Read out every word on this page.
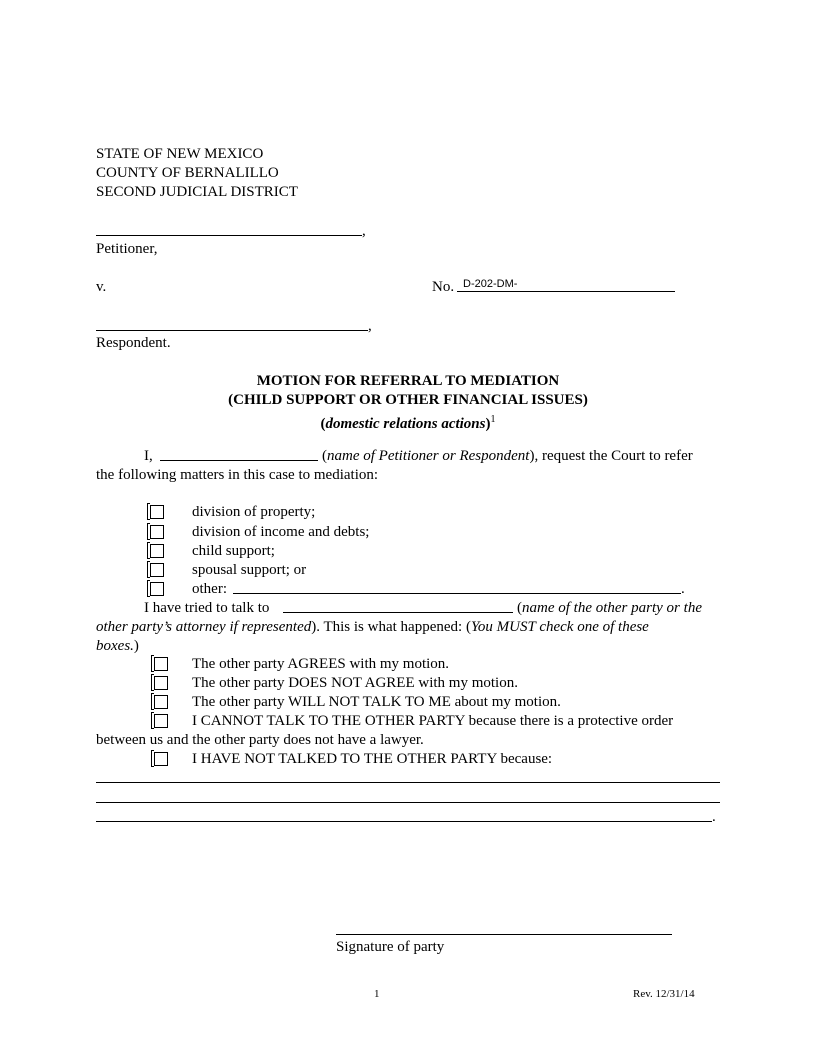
STATE OF NEW MEXICO
COUNTY OF BERNALILLO
SECOND JUDICIAL DISTRICT
,
Petitioner,
v.	No. D-202-DM-
,
Respondent.
MOTION FOR REFERRAL TO MEDIATION
(CHILD SUPPORT OR OTHER FINANCIAL ISSUES)
(domestic relations actions)$^1$
I,	(name of Petitioner or Respondent), request the Court to refer
the following matters in this case to mediation:
division of property;
division of income and debts;
child support;
spousal support; or
other:	.
I have tried to talk to	(name of the other party or the
other party’s attorney if represented). This is what happened: (You MUST check one of these
boxes.)
The other party AGREES with my motion.
The other party DOES NOT AGREE with my motion.
The other party WILL NOT TALK TO ME about my motion.
I CANNOT TALK TO THE OTHER PARTY because there is a protective order
between us and the other party does not have a lawyer.
I HAVE NOT TALKED TO THE OTHER PARTY because:
.
Signature of party
1	Rev. 12/31/14
